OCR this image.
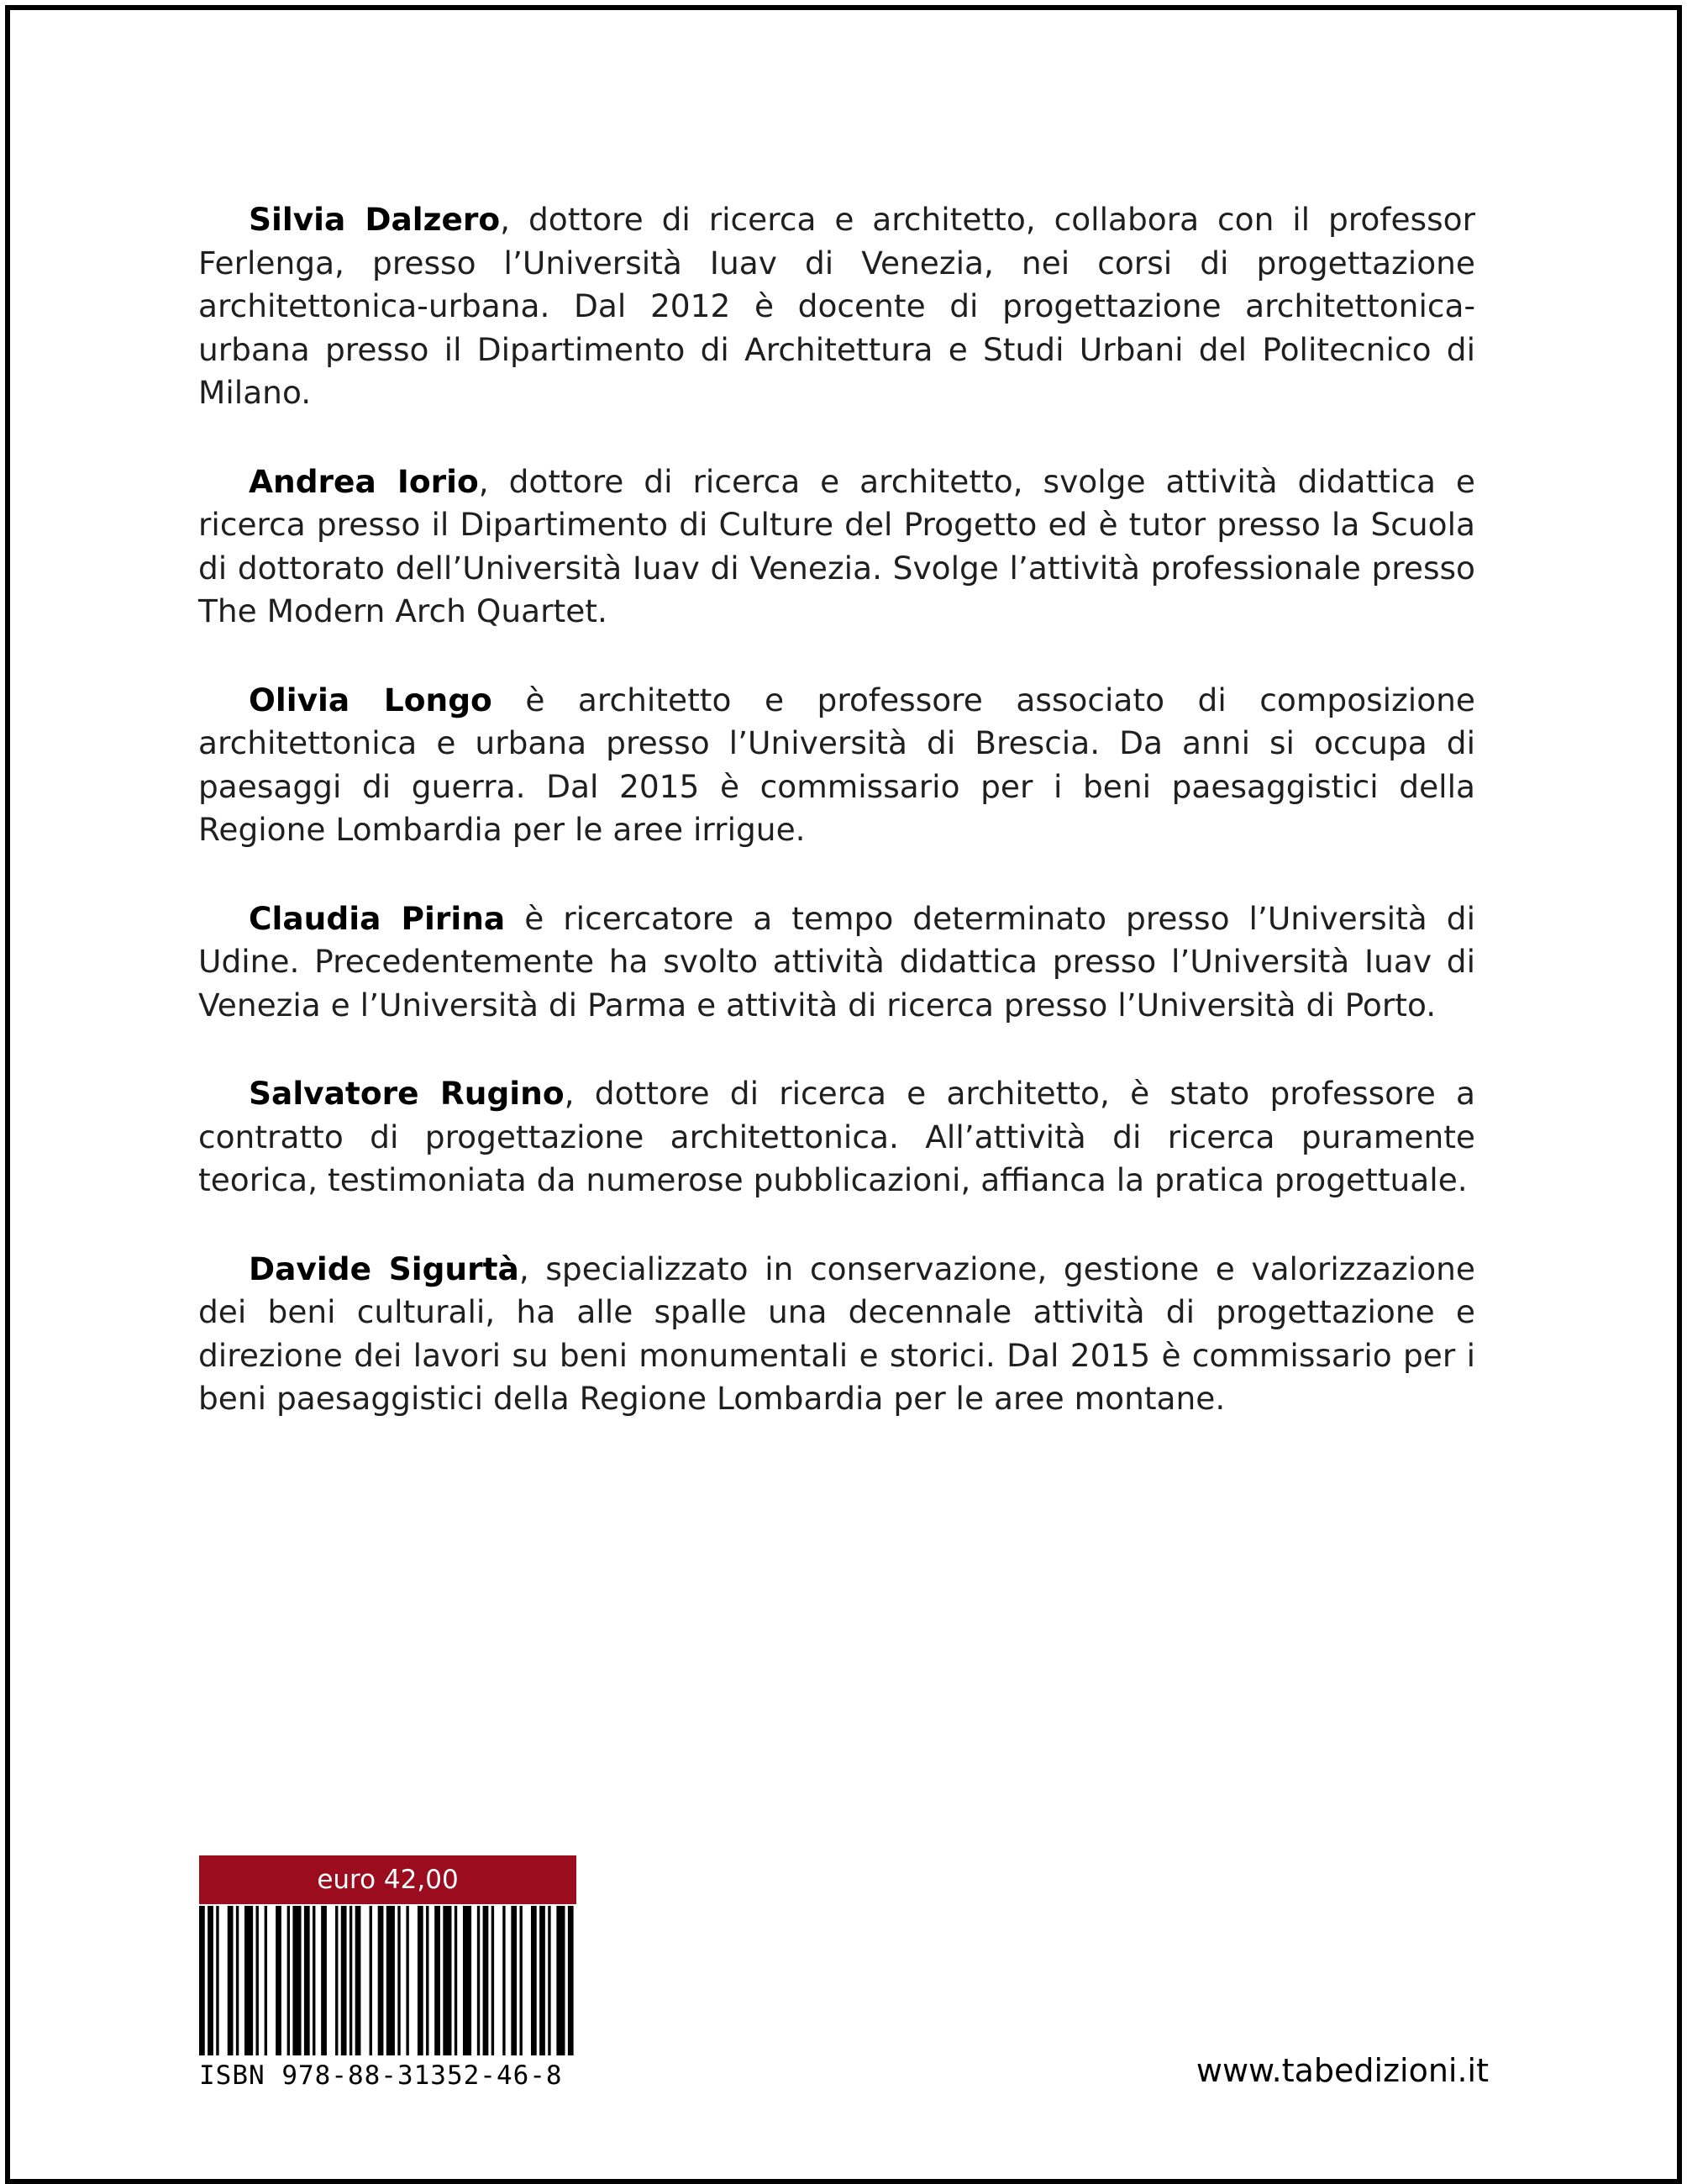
Silvia Dalzero, dottore di ricerca e architetto, collabora con il professor Ferlenga, presso l’Università Iuav di Venezia, nei corsi di progettazione architettonica-urbana. Dal 2012 è docente di progettazione architettonica-urbana presso il Dipartimento di Architettura e Studi Urbani del Politecnico di Milano.

Andrea Iorio, dottore di ricerca e architetto, svolge attività didattica e ricerca presso il Dipartimento di Culture del Progetto ed è tutor presso la Scuola di dottorato dell’Università Iuav di Venezia. Svolge l’attività professionale presso The Modern Arch Quartet.

Olivia Longo è architetto e professore associato di composizione architettonica e urbana presso l’Università di Brescia. Da anni si occupa di paesaggi di guerra. Dal 2015 è commissario per i beni paesaggistici della Regione Lombardia per le aree irrigue.

Claudia Pirina è ricercatore a tempo determinato presso l’Università di Udine. Precedentemente ha svolto attività didattica presso l’Università Iuav di Venezia e l’Università di Parma e attività di ricerca presso l’Università di Porto.

Salvatore Rugino, dottore di ricerca e architetto, è stato professore a contratto di progettazione architettonica. All’attività di ricerca puramente teorica, testimoniata da numerose pubblicazioni, affianca la pratica progettuale.

Davide Sigurtà, specializzato in conservazione, gestione e valorizzazione dei beni culturali, ha alle spalle una decennale attività di progettazione e direzione dei lavori su beni monumentali e storici. Dal 2015 è commissario per i beni paesaggistici della Regione Lombardia per le aree montane.

euro 42,00
ISBN 978-88-31352-46-8	www.tabedizioni.it
